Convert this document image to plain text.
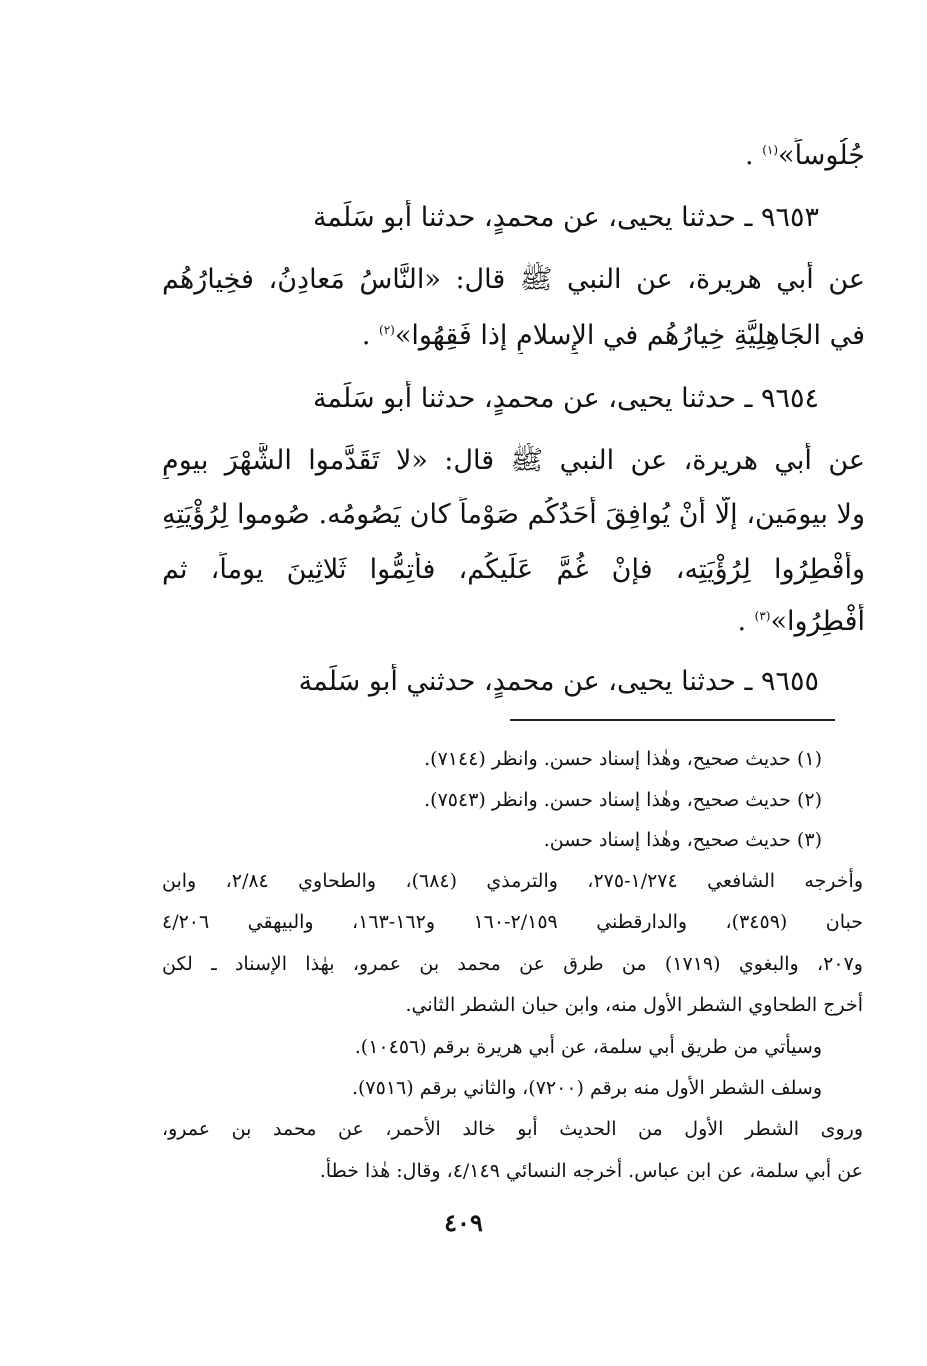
جُلُوساً»$^{(١)}$ .
٩٦٥٣ ـ حدثنا يحيى، عن محمدٍ، حدثنا أبو سَلَمة
عن أبي هريرة، عن النبي ﷺ قال: «النَّاسُ مَعادِنُ، فخِيارُهُم
في الجَاهِلِيَّةِ خِيارُهُم في الإِسلامِ إذا فَقِهُوا»$^{(٢)}$ .
٩٦٥٤ ـ حدثنا يحيى، عن محمدٍ، حدثنا أبو سَلَمة
عن أبي هريرة، عن النبي ﷺ قال: «لا تَقَدَّموا الشَّهْرَ بيومٍ
ولا بيومَين، إلَّا أنْ يُوافِقَ أَحَدُكُم صَوْماً كان يَصُومُه. صُوموا لِرُؤْيَتِهِ
وأَفْطِرُوا لِرُؤْيَتِه، فإنْ غُمَّ عَلَيكُم، فأَتِمُّوا ثَلاثِينَ يوماً، ثم
أَفْطِرُوا»$^{(٣)}$ .
٩٦٥٥ ـ حدثنا يحيى، عن محمدٍ، حدثني أبو سَلَمة
(١) حديث صحيح، وهٰذا إسناد حسن. وانظر (٧١٤٤).
(٢) حديث صحيح، وهٰذا إسناد حسن. وانظر (٧٥٤٣).
(٣) حديث صحيح، وهٰذا إسناد حسن.
وأخرجه الشافعي ١/٢٧٤-٢٧٥، والترمذي (٦٨٤)، والطحاوي ٢/٨٤، وابن
حبان (٣٤٥٩)، والدارقطني ٢/١٥٩-١٦٠ و١٦٢-١٦٣، والبيهقي ٤/٢٠٦
و٢٠٧، والبغوي (١٧١٩) من طرق عن محمد بن عمرو، بهٰذا الإسناد ـ لكن
أخرج الطحاوي الشطر الأول منه، وابن حبان الشطر الثاني.
وسيأتي من طريق أبي سلمة، عن أبي هريرة برقم (١٠٤٥٦).
وسلف الشطر الأول منه برقم (٧٢٠٠)، والثاني برقم (٧٥١٦).
وروى الشطر الأول من الحديث أبو خالد الأحمر، عن محمد بن عمرو،
عن أبي سلمة، عن ابن عباس. أخرجه النسائي ٤/١٤٩، وقال: هٰذا خطأ.
٤٠٩
